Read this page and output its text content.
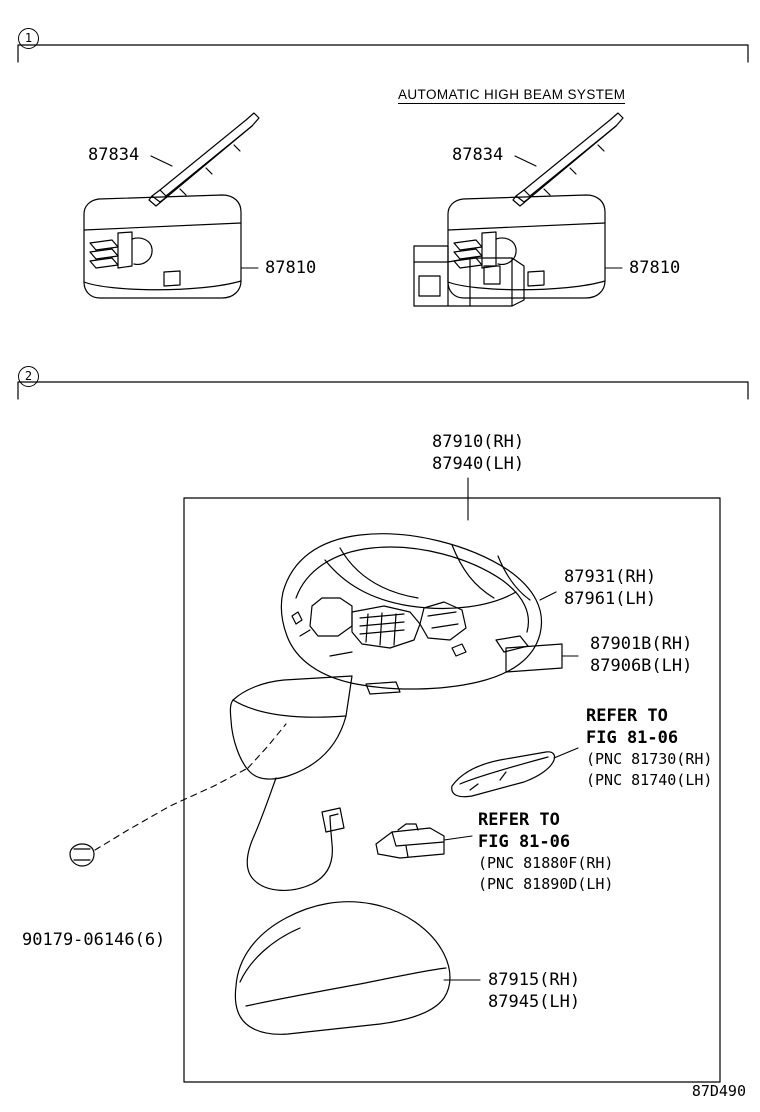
1
2
AUTOMATIC HIGH BEAM SYSTEM
87834
87810
87834
87810
87910(RH)
87940(LH)
87931(RH)
87961(LH)
87901B(RH)
87906B(LH)
REFER TO
FIG 81-06
(PNC 81730(RH)
(PNC 81740(LH)
REFER TO
FIG 81-06
(PNC 81880F(RH)
(PNC 81890D(LH)
90179-06146(6)
87915(RH)
87945(LH)
87D490
